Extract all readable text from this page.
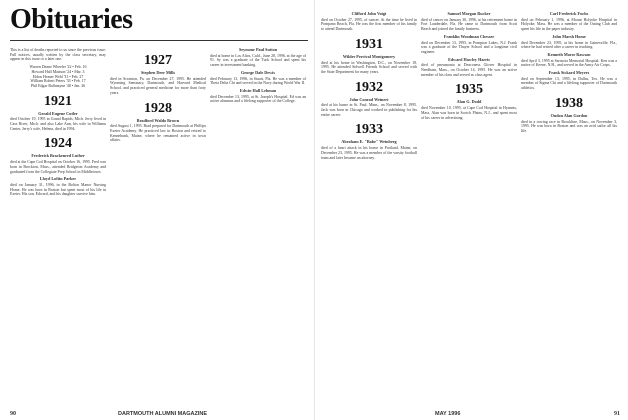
Obituaries
This is a list of deaths reported to us since the previous issue. Full notices, usually written by the class secretary, may appear in this issue or a later one.
Warren Deane Wheeler '22 • Feb. 16
Howard Hall Mattson '24 • Mar. 3
Eldon Homer Wehl '31 • Feb. 27
William Robert Peters '33 • Feb. 17
Phil Edgar Ballantyne '48 • Jan. 26
1921
Gerald Eugene Cutler
died October 19, 1995 in Grand Rapids, Mich. Jerry lived in Cass River, Mich. and also Lake Ann, his wife in Williams Center, Jerry's wife, Helena, died in 1994.
1924
Frederick Brackenred Luther
died at the Cape Cod Hospital on October 16, 1995. Fred was born in Brockton, Mass., attended Bridgeton Academy and graduated from the Collegiate Prep School in Middletown.
Lloyd Loftin Parker
died on January 31, 1996, in the Bolton Manor Nursing Home. He was born in Boston but spent most of his life in Exeter. His son, Edward, and his daughter survive him.
1927
Stephen Deer Mills
died in Scranton, Pa. on December 27, 1995. He attended Wyoming Seminary, Dartmouth, and Harvard Medical School, and practiced general medicine for more than forty years.
1928
Bradford Waldo Brown
died August 1, 1995. Brad prepared for Dartmouth at Phillips Exeter Academy. He practiced law in Boston and retired to Kennebunk, Maine, where he remained active in town affairs.
Seymour Paul Sutton
died at home in Los Altos, Calif., June 28, 1996, at the age of 91. Sy was a graduate of the Tuck School and spent his career in investment banking.
George Dale Dewis
died February 13, 1996, in Stuart, Fla. He was a member of Theta Delta Chi and served in the Navy during World War II.
Edwin Hall Lehman
died December 13, 1995, at St. Joseph's Hospital. Ed was an active alumnus and a lifelong supporter of the College.
90	DARTMOUTH ALUMNI MAGAZINE
Clifford John Voigt
died on October 27, 1995, of cancer. At the time he lived in Pompano Beach, Fla. He was the first member of his family to attend Dartmouth.
1931
Wilder Percival Montgomery
died at his home in Washington, D.C., on November 18, 1995. He attended Sidwell Friends School and served with the State Department for many years.
1932
John Conrad Weinert
died at his home in St. Paul, Minn., on November 8, 1995. Jack was born in Chicago and worked in publishing for his entire career.
1933
Abraham E. "Babe" Weinberg
died of a heart attack in his home in Portland, Maine, on December 23, 1995. He was a member of the varsity football team and later became an attorney.
Samuel Morgan Rucker
died of cancer on January 30, 1996, at his retirement home in Fort Lauderdale, Fla. He came to Dartmouth from Scott Beach and joined the family business.
Franklin Woodman Chesser
died on December 13, 1995, in Pompton Lakes, N.J. Frank was a graduate of the Thayer School and a longtime civil engineer.
Edward Hawley Harris
died of pneumonia at Deaconess Glover Hospital in Needham, Mass., on October 14, 1995. He was an active member of his class and served as class agent.
1935
Alan G. Dodd
died November 10, 1995, at Cape Cod Hospital in Hyannis, Mass. Alan was born in Scotch Plains, N.J., and spent most of his career in advertising.
Carl Frederick Fuchs
died on February 1, 1996, at Mount Holyoke Hospital in Holyoke, Mass. He was a member of the Outing Club and spent his life in the paper industry.
John Marsh Home
died December 23, 1995, at his home in Gainesville, Fla., where he had retired after a career in teaching.
Kenneth Morse Rawson
died April 3, 1995 at Sarasota Memorial Hospital. Ken was a native of Keene, N.H., and served in the Army Air Corps.
Frank Sickard Meyers
died on September 13, 1995, in Dallas, Tex. He was a member of Sigma Chi and a lifelong supporter of Dartmouth athletics.
1938
Oudon Alan Gordon
died in a rowing race in Brookline, Mass., on November 3, 1995. He was born in Boston and was an avid sailor all his life.
MAY 1996	91
